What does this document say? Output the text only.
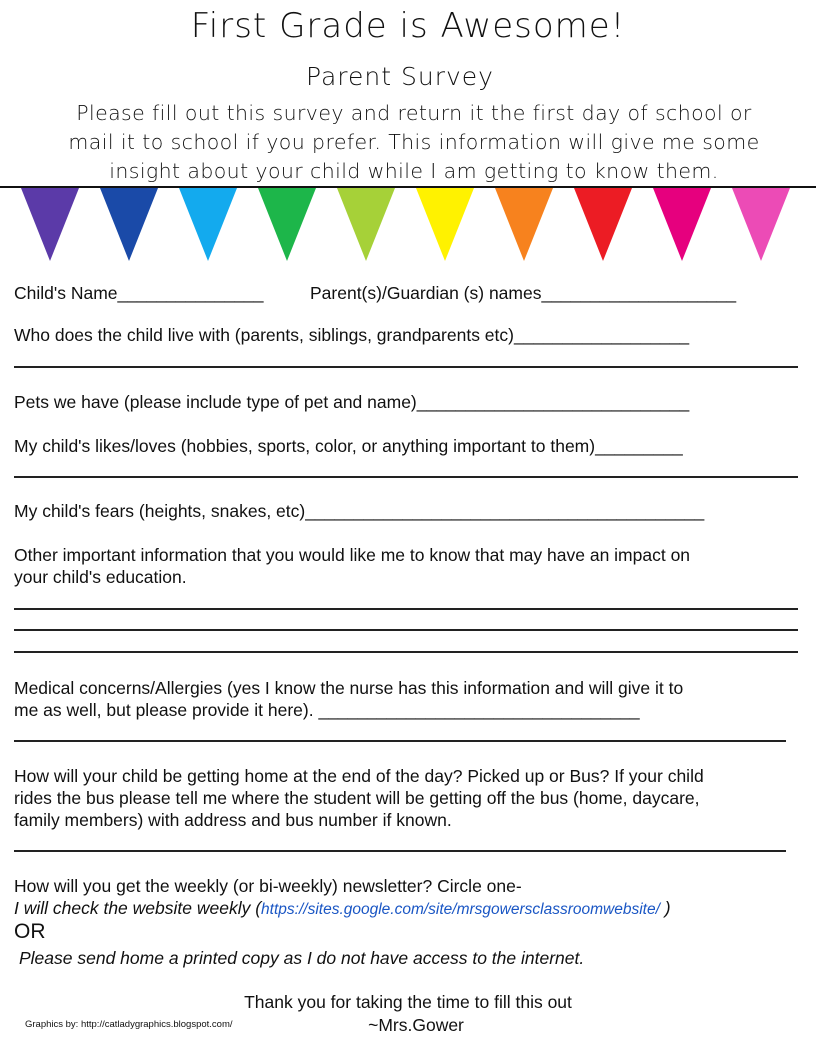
First Grade is Awesome!
Parent Survey
Please fill out this survey and return it the first day of school or
mail it to school if you prefer. This information will give me some
insight about your child while I am getting to know them.
Child's Name_______________	Parent(s)/Guardian (s) names____________________
Who does the child live with (parents, siblings, grandparents etc)__________________
Pets we have (please include type of pet and name)____________________________
My child's likes/loves (hobbies, sports, color, or anything important to them)_________
My child's fears (heights, snakes, etc)_________________________________________
Other important information that you would like me to know that may have an impact on
your child's education.
Medical concerns/Allergies (yes I know the nurse has this information and will give it to
me as well, but please provide it here). _________________________________
How will your child be getting home at the end of the day? Picked up or Bus? If your child
rides the bus please tell me where the student will be getting off the bus (home, daycare,
family members) with address and bus number if known.
How will you get the weekly (or bi-weekly) newsletter? Circle one-
I will check the website weekly (https://sites.google.com/site/mrsgowersclassroomwebsite/ )
OR
Please send home a printed copy as I do not have access to the internet.
Thank you for taking the time to fill this out
~Mrs.Gower
Graphics by: http://catladygraphics.blogspot.com/
